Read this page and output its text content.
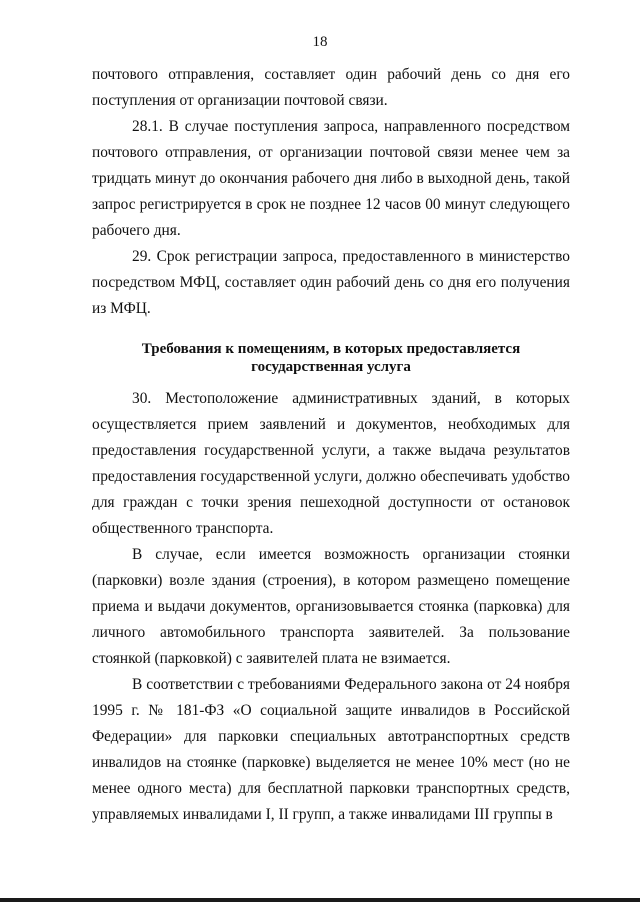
18

почтового отправления, составляет один рабочий день со дня его поступления от организации почтовой связи.

28.1. В случае поступления запроса, направленного посредством почтового отправления, от организации почтовой связи менее чем за тридцать минут до окончания рабочего дня либо в выходной день, такой запрос регистрируется в срок не позднее 12 часов 00 минут следующего рабочего дня.

29. Срок регистрации запроса, предоставленного в министерство посредством МФЦ, составляет один рабочий день со дня его получения из МФЦ.

Требования к помещениям, в которых предоставляется
государственная услуга

30. Местоположение административных зданий, в которых осуществляется прием заявлений и документов, необходимых для предоставления государственной услуги, а также выдача результатов предоставления государственной услуги, должно обеспечивать удобство для граждан с точки зрения пешеходной доступности от остановок общественного транспорта.

В случае, если имеется возможность организации стоянки (парковки) возле здания (строения), в котором размещено помещение приема и выдачи документов, организовывается стоянка (парковка) для личного автомобильного транспорта заявителей. За пользование стоянкой (парковкой) с заявителей плата не взимается.

В соответствии с требованиями Федерального закона от 24 ноября 1995 г. № 181-ФЗ «О социальной защите инвалидов в Российской Федерации» для парковки специальных автотранспортных средств инвалидов на стоянке (парковке) выделяется не менее 10% мест (но не менее одного места) для бесплатной парковки транспортных средств, управляемых инвалидами I, II групп, а также инвалидами III группы в
